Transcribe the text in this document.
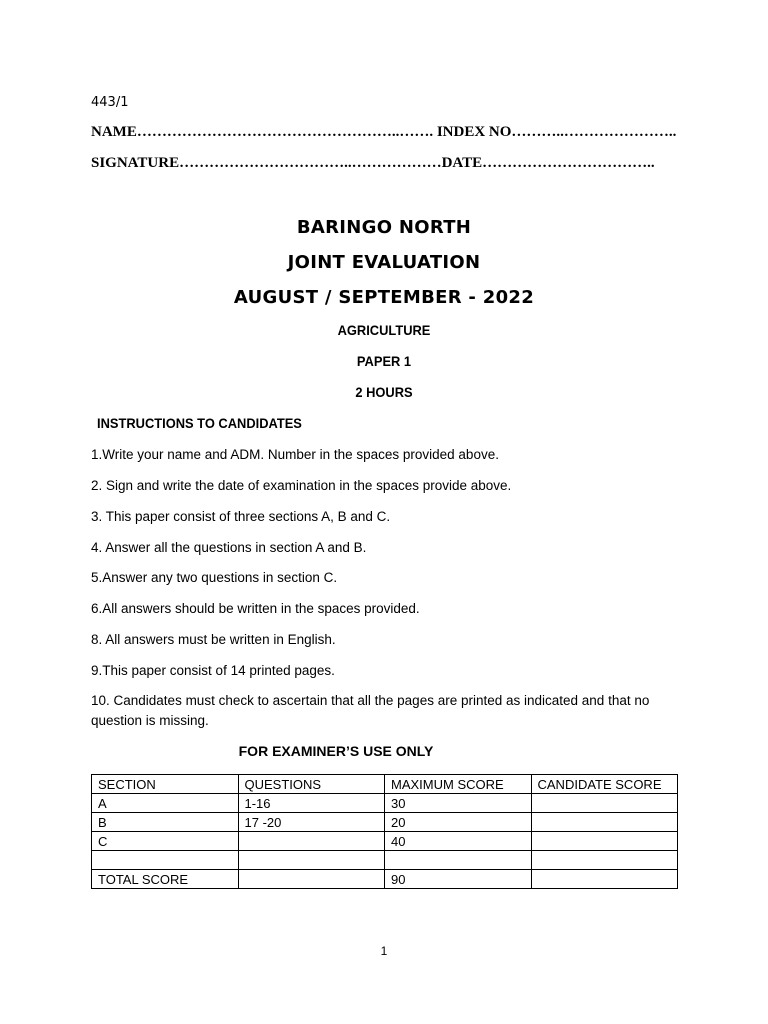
443/1
NAME……………………………………………..……. INDEX NO………..…………………..
SIGNATURE……………………………..………………DATE……………………………..
BARINGO NORTH
JOINT EVALUATION
AUGUST / SEPTEMBER - 2022
AGRICULTURE
PAPER 1
2 HOURS
INSTRUCTIONS TO CANDIDATES
1.Write your name and ADM. Number in the spaces provided above.
2. Sign and write the date of examination in the spaces provide above.
3. This paper consist of three sections A, B and C.
4. Answer all the questions in section A and B.
5.Answer any two questions in section C.
6.All answers should be written in the spaces provided.
8. All answers must be written in English.
9.This paper consist of 14 printed pages.
10. Candidates must check to ascertain that all the pages are printed as indicated and that no question is missing.
FOR EXAMINER’S USE ONLY
SECTION	QUESTIONS	MAXIMUM SCORE	CANDIDATE SCORE
A	1-16	30	
B	17 -20	20	
C		40	

TOTAL SCORE		90	
1
